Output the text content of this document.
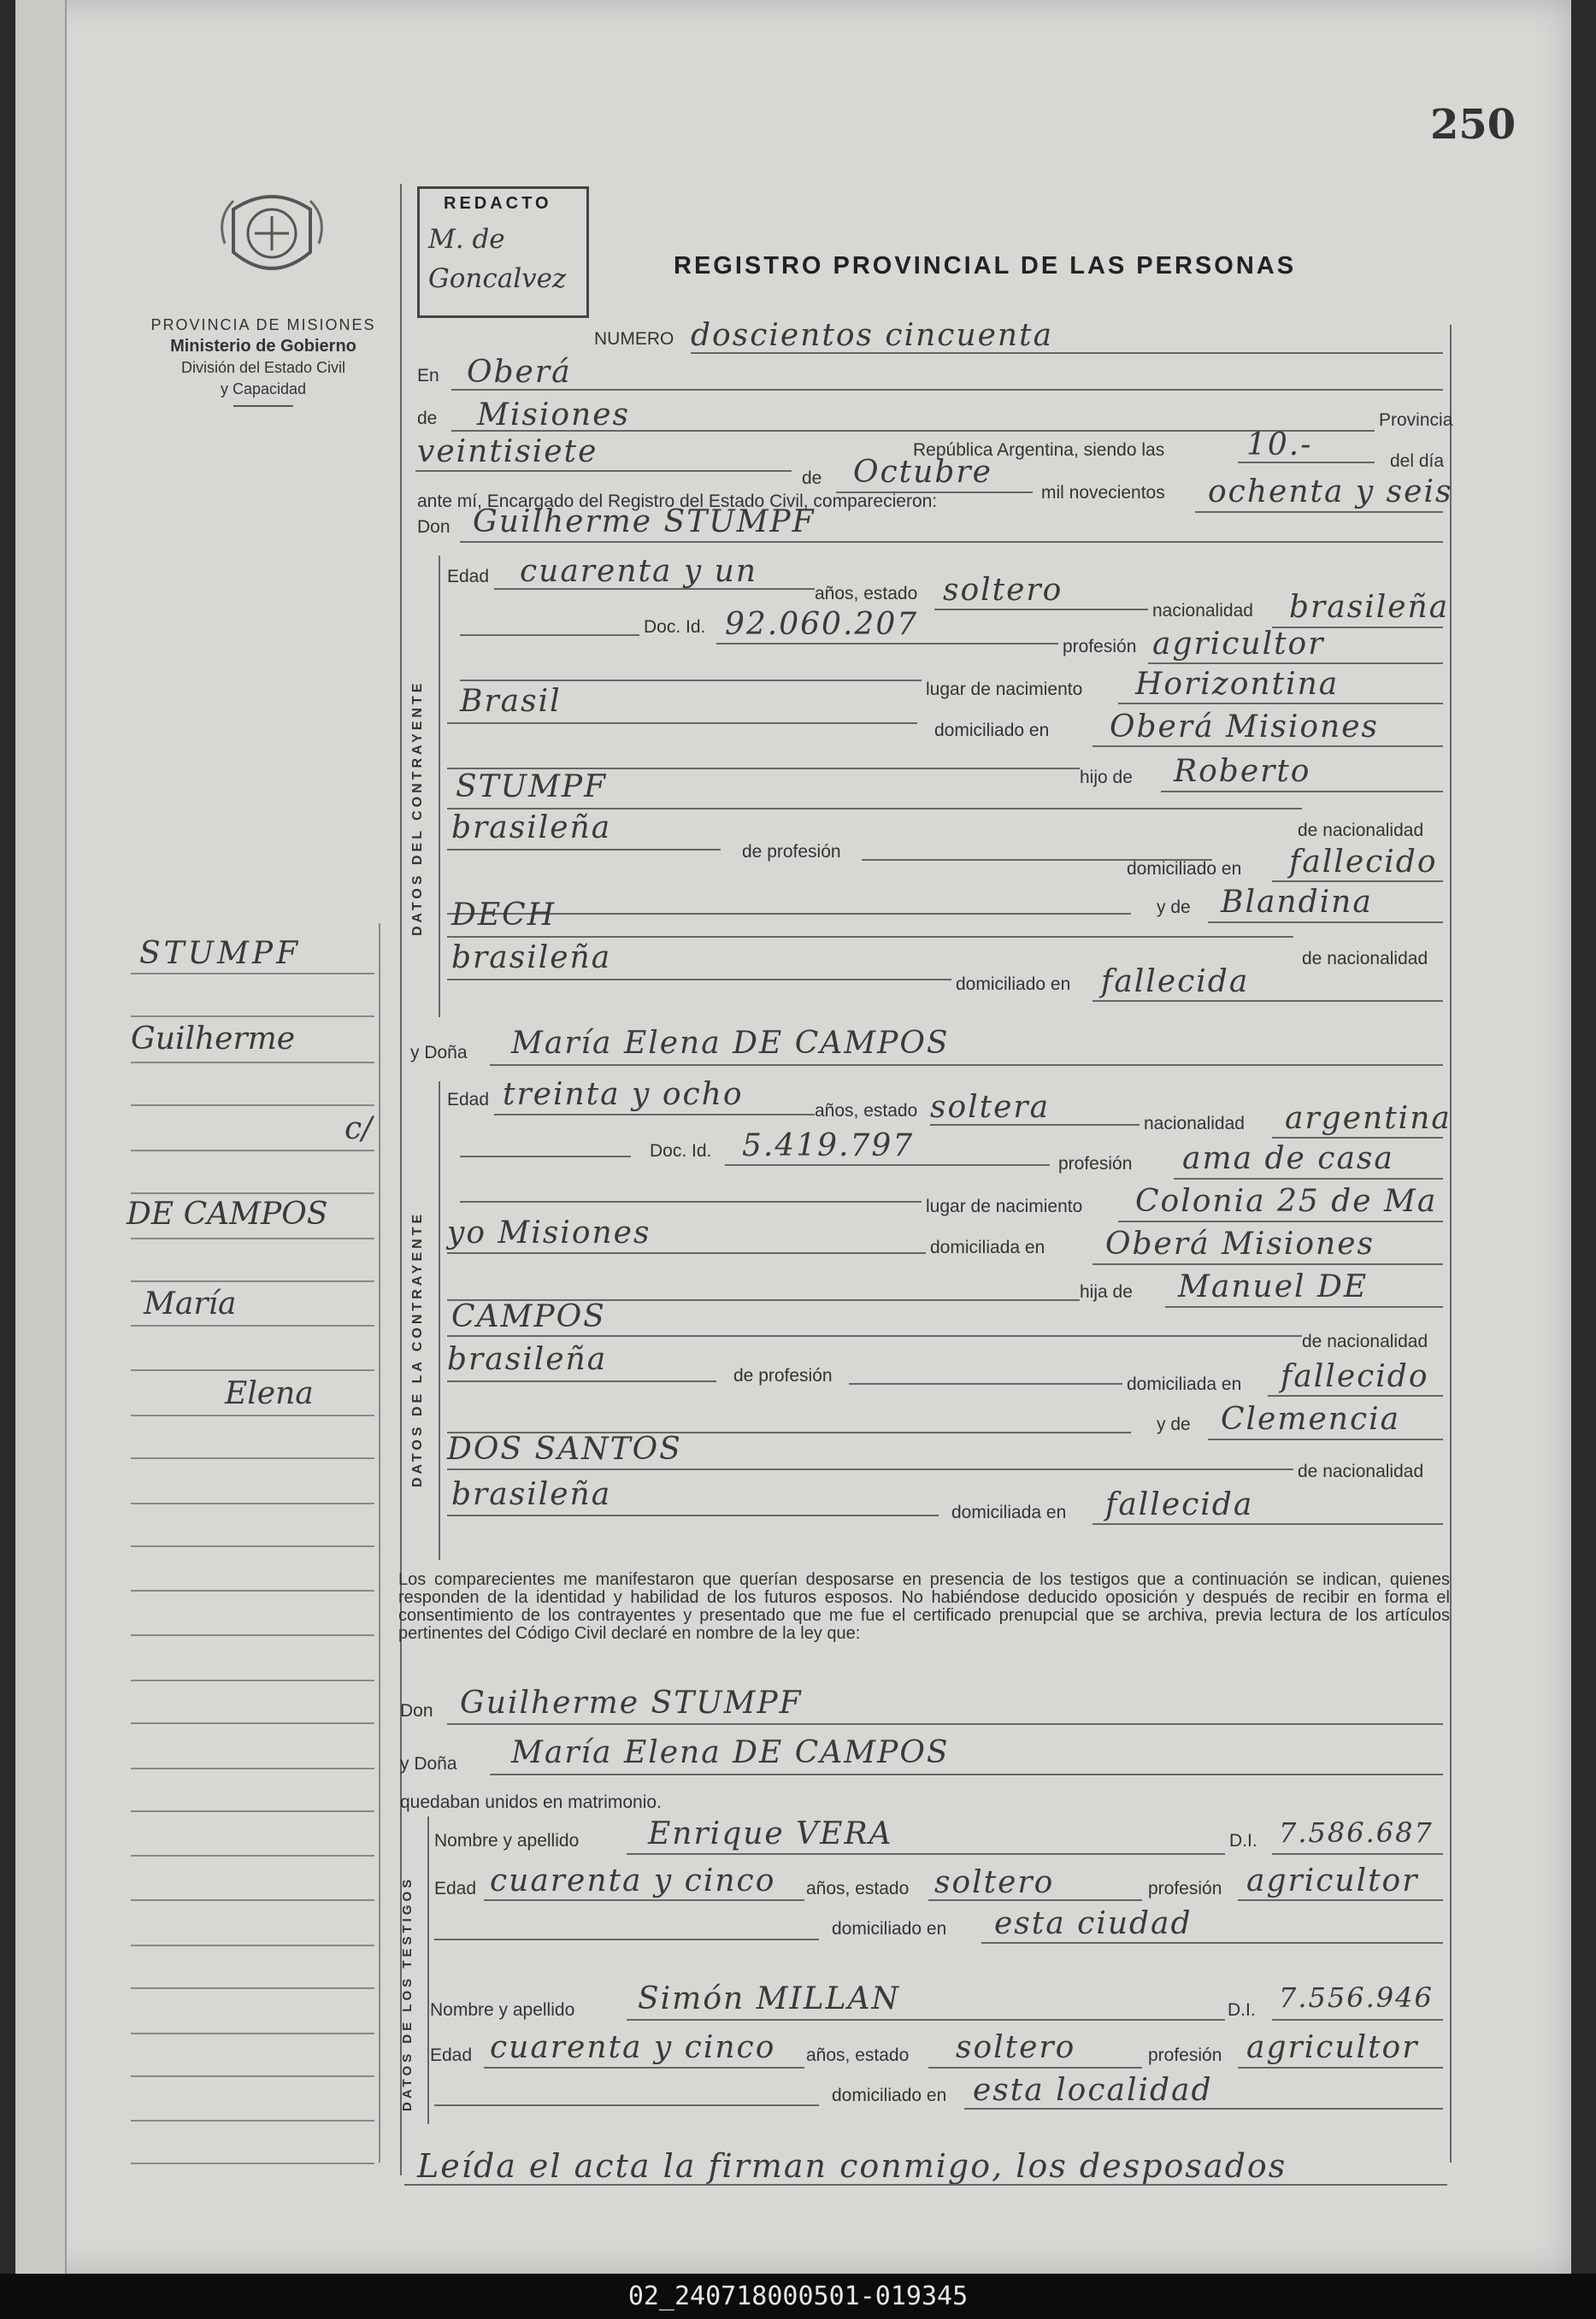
250
PROVINCIA DE MISIONES
Ministerio de Gobierno
División del Estado Civil
y Capacidad
REDACTO
M. de Goncalvez	REGISTRO PROVINCIAL DE LAS PERSONAS
NUMERO doscientos cincuenta
En Oberá
de Misiones	Provincia
veintisiete	República Argentina, siendo las	10.-	del día
de Octubre
mil novecientos ochenta y seis
ante mí, Encargado del Registro del Estado Civil, comparecieron:
Don Guilherme STUMPF
DATOS DEL CONTRAYENTE
Edad cuarenta y un
años, estado soltero
nacionalidad brasileña
Doc. Id. 92.060.207
profesión agricultor
lugar de nacimiento Horizontina
Brasil
domiciliado en Oberá Misiones
hijo de Roberto
STUMPF
de nacionalidad
brasileña
de profesión
domiciliado en fallecido
y de Blandina
DECH
de nacionalidad
brasileña
domiciliado en fallecida
y Doña María Elena DE CAMPOS
DATOS DE LA CONTRAYENTE
Edad treinta y ocho	años, estado soltera	nacionalidad argentina
Doc. Id. 5.419.797
profesión ama de casa
lugar de nacimiento Colonia 25 de Ma
yo Misiones	domiciliada en Oberá Misiones
hija de Manuel DE
CAMPOS
de nacionalidad
brasileña	de profesión	domiciliada en fallecido
y de Clemencia
DOS SANTOS
de nacionalidad
brasileña
domiciliada en fallecida
Los comparecientes me manifestaron que querían desposarse en presencia de los testigos que a continuación se indican, quienes responden de la identidad y habilidad de los futuros esposos. No habiéndose deducido oposición y después de recibir en forma el consentimiento de los contrayentes y presentado que me fue el certificado prenupcial que se archiva, previa lectura de los artículos pertinentes del Código Civil declaré en nombre de la ley que:
Don Guilherme STUMPF
y Doña María Elena DE CAMPOS
quedaban unidos en matrimonio.
DATOS DE LOS TESTIGOS
Nombre y apellido Enrique VERA	D.I. 7.586.687
Edad cuarenta y cinco años, estado soltero	profesión agricultor
domiciliado en esta ciudad
Nombre y apellido Simón MILLAN	D.I. 7.556.946
Edad cuarenta y cinco años, estado soltero	profesión agricultor
domiciliado en esta localidad
Leída el acta la firman conmigo, los desposados
STUMPF
Guilherme
c/
DE CAMPOS
María
Elena
02_240718000501-019345
